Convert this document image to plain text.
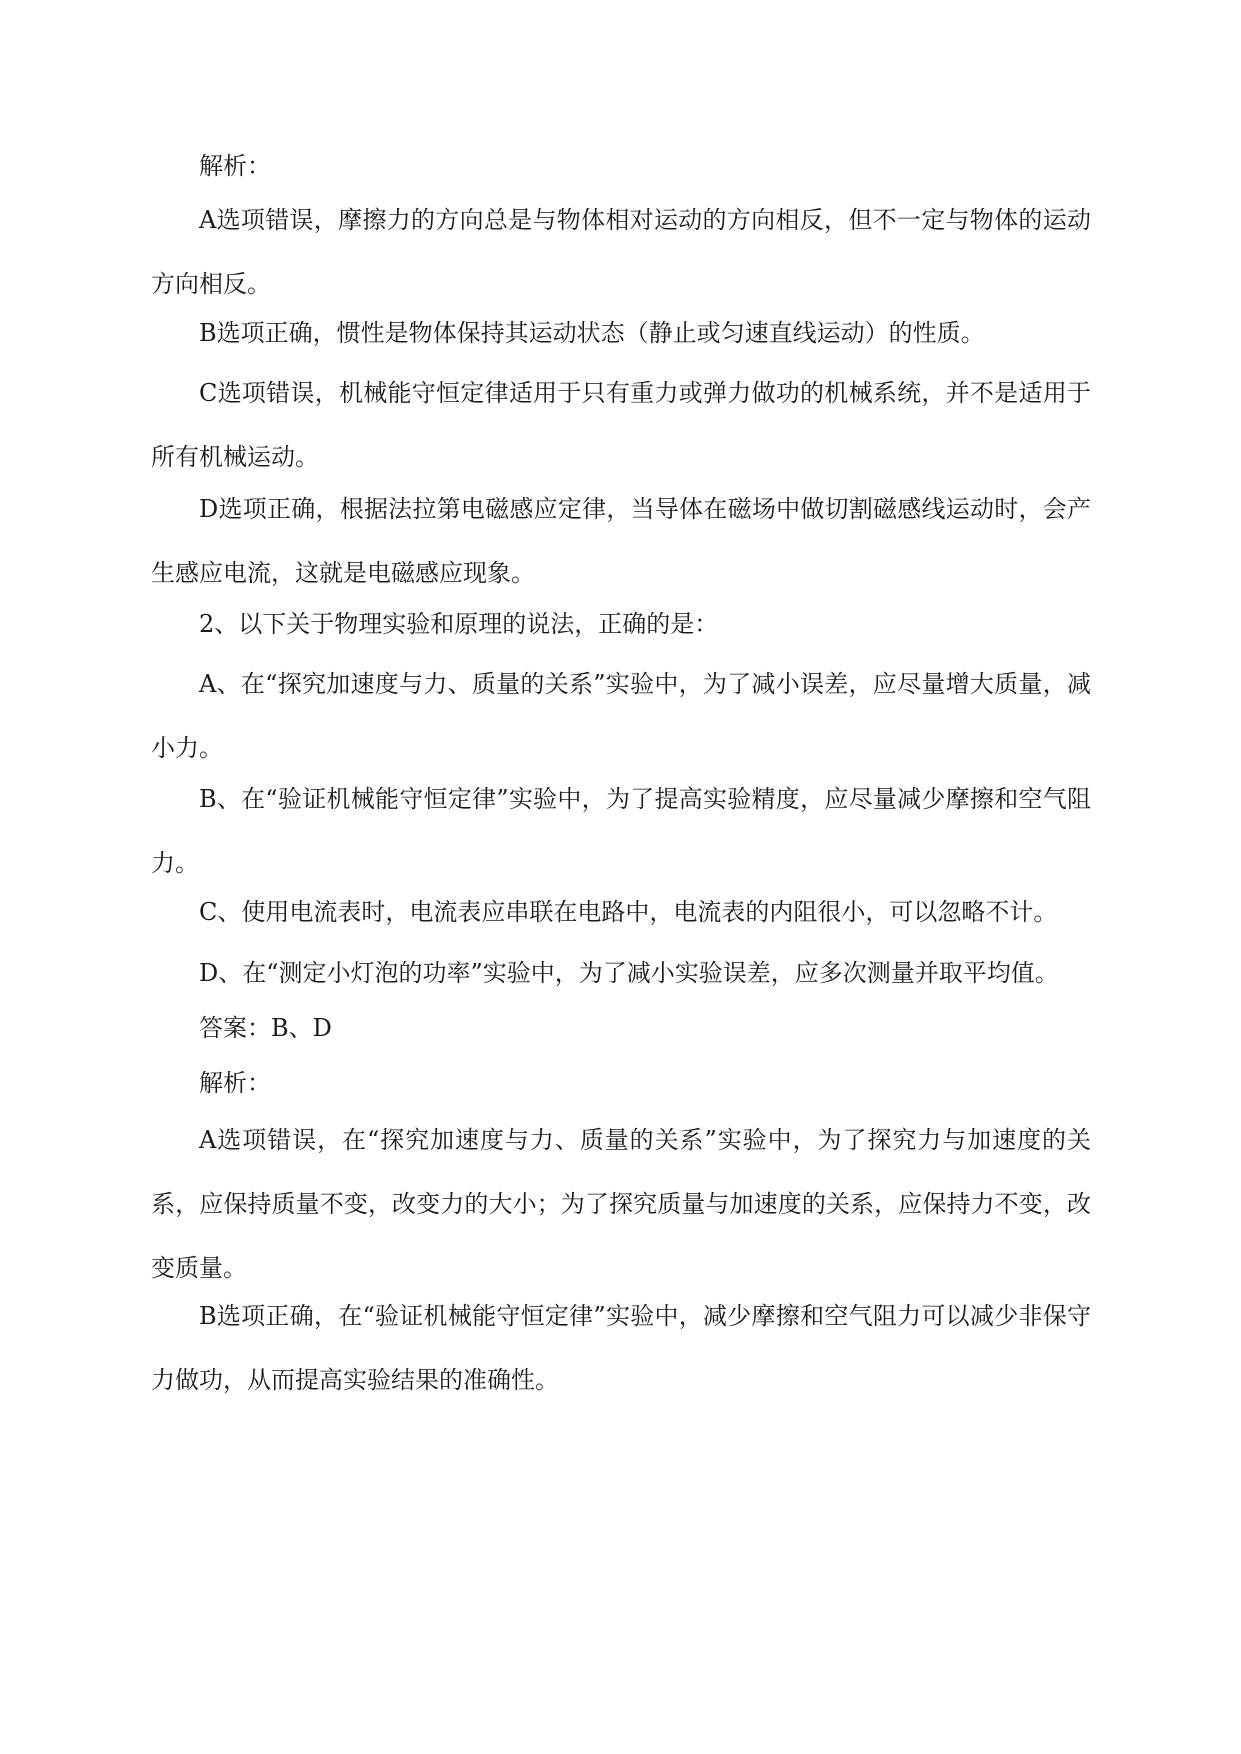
解析：

A选项错误，摩擦力的方向总是与物体相对运动的方向相反，但不一定与物体的运动方向相反。

B选项正确，惯性是物体保持其运动状态（静止或匀速直线运动）的性质。

C选项错误，机械能守恒定律适用于只有重力或弹力做功的机械系统，并不是适用于所有机械运动。

D选项正确，根据法拉第电磁感应定律，当导体在磁场中做切割磁感线运动时，会产生感应电流，这就是电磁感应现象。

2、以下关于物理实验和原理的说法，正确的是：

A、在“探究加速度与力、质量的关系”实验中，为了减小误差，应尽量增大质量，减小力。

B、在“验证机械能守恒定律”实验中，为了提高实验精度，应尽量减少摩擦和空气阻力。

C、使用电流表时，电流表应串联在电路中，电流表的内阻很小，可以忽略不计。

D、在“测定小灯泡的功率”实验中，为了减小实验误差，应多次测量并取平均值。

答案：B、D

解析：

A选项错误，在“探究加速度与力、质量的关系”实验中，为了探究力与加速度的关系，应保持质量不变，改变力的大小；为了探究质量与加速度的关系，应保持力不变，改变质量。

B选项正确，在“验证机械能守恒定律”实验中，减少摩擦和空气阻力可以减少非保守力做功，从而提高实验结果的准确性。
